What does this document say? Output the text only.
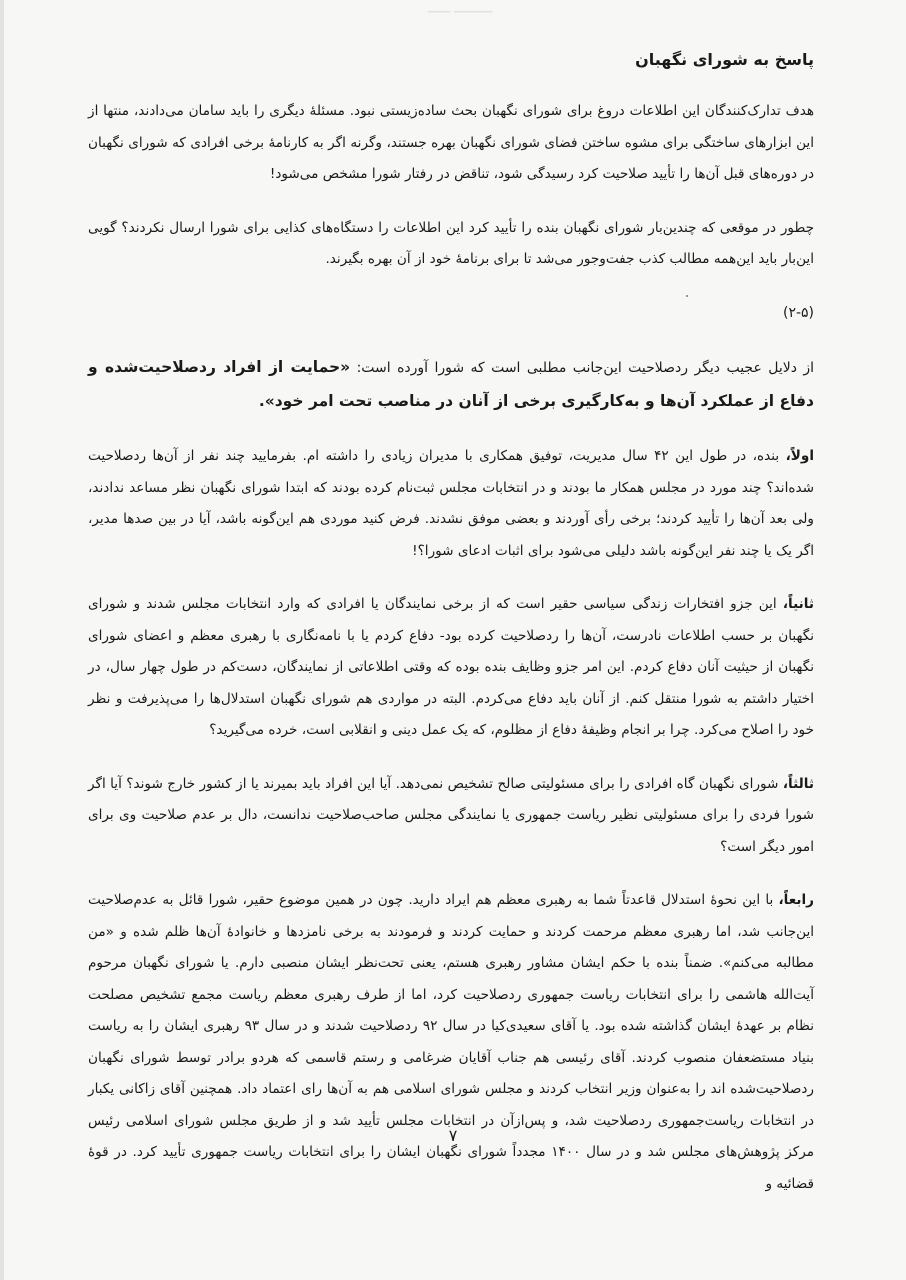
▁▁▁ ▁▁▁▁▁
پاسخ به شورای نگهبان

هدف تدارک‌کنندگان این اطلاعات دروغ برای شورای نگهبان بحث ساده‌زیستی نبود. مسئلهٔ دیگری را باید سامان می‌دادند، منتها از این ابزارهای ساختگی برای مشوه ساختن فضای شورای نگهبان بهره جستند، وگرنه اگر به کارنامهٔ برخی افرادی که شورای نگهبان در دوره‌های قبل آن‌ها را تأیید صلاحیت کرد رسیدگی شود، تناقض در رفتار شورا مشخص می‌شود!

چطور در موقعی که چندین‌بار شورای نگهبان بنده را تأیید کرد این اطلاعات را دستگاه‌های کذایی برای شورا ارسال نکردند؟ گویی این‌بار باید این‌همه مطالب کذب جفت‌وجور می‌شد تا برای برنامهٔ خود از آن بهره بگیرند.

(۲-۵)

از دلایل عجیب دیگر ردصلاحیت این‌جانب مطلبی است که شورا آورده است: «حمایت از افراد ردصلاحیت‌شده و دفاع از عملکرد آن‌ها و به‌کارگیری برخی از آنان در مناصب تحت امر خود».

اولاً، بنده، در طول این ۴۲ سال مدیریت، توفیق همکاری با مدیران زیادی را داشته ام. بفرمایید چند نفر از آن‌ها ردصلاحیت شده‌اند؟ چند مورد در مجلس همکار ما بودند و در انتخابات مجلس ثبت‌نام کرده بودند که ابتدا شورای نگهبان نظر مساعد ندادند، ولی بعد آن‌ها را تأیید کردند؛ برخی رأی آوردند و بعضی موفق نشدند. فرض کنید موردی هم این‌گونه باشد، آیا در بین صدها مدیر، اگر یک یا چند نفر این‌گونه باشد دلیلی می‌شود برای اثبات ادعای شورا؟!

ثانیاً، این جزو افتخارات زندگی سیاسی حقیر است که از برخی نمایندگان یا افرادی که وارد انتخابات مجلس شدند و شورای نگهبان بر حسب اطلاعات نادرست، آن‌ها را ردصلاحیت کرده بود- دفاع کردم یا با نامه‌نگاری با رهبری معظم و اعضای شورای نگهبان از حیثیت آنان دفاع کردم. این امر جزو وظایف بنده بوده که وقتی اطلاعاتی از نمایندگان، دست‌کم در طول چهار سال، در اختیار داشتم به شورا منتقل کنم. از آنان باید دفاع می‌کردم. البته در مواردی هم شورای نگهبان استدلال‌ها را می‌پذیرفت و نظر خود را اصلاح می‌کرد. چرا بر انجام وظیفهٔ دفاع از مظلوم، که یک عمل دینی و انقلابی است، خرده می‌گیرید؟

ثالثاً، شورای نگهبان گاه افرادی را برای مسئولیتی صالح تشخیص نمی‌دهد. آیا این افراد باید بمیرند یا از کشور خارج شوند؟ آیا اگر شورا فردی را برای مسئولیتی نظیر ریاست جمهوری یا نمایندگی مجلس صاحب‌صلاحیت ندانست، دال بر عدم صلاحیت وی برای امور دیگر است؟

رابعاً، با این نحوهٔ استدلال قاعدتاً شما به رهبری معظم هم ایراد دارید. چون در همین موضوع حقیر، شورا قائل به عدم‌صلاحیت این‌جانب شد، اما رهبری معظم مرحمت کردند و حمایت کردند و فرمودند به برخی نامزدها و خانوادهٔ آن‌ها ظلم شده و «من مطالبه می‌کنم». ضمناً بنده با حکم ایشان مشاور رهبری هستم، یعنی تحت‌نظر ایشان منصبی دارم. یا شورای نگهبان مرحوم آیت‌الله هاشمی را برای انتخابات ریاست جمهوری ردصلاحیت کرد، اما از طرف رهبری معظم ریاست مجمع تشخیص مصلحت نظام بر عهدهٔ ایشان گذاشته شده بود. یا آقای سعیدی‌کیا در سال ۹۲ ردصلاحیت شدند و در سال ۹۳ رهبری ایشان را به ریاست بنیاد مستضعفان منصوب کردند. آقای رئیسی هم جناب آقایان ضرغامی و رستم قاسمی که هردو برادر توسط شورای نگهبان ردصلاحیت‌شده اند را به‌عنوان وزیر انتخاب کردند و مجلس شورای اسلامی هم به آن‌ها رای اعتماد داد. همچنین آقای زاکانی یکبار در انتخابات ریاست‌جمهوری ردصلاحیت شد، و پس‌ازآن در انتخابات مجلس تأیید شد و از طریق مجلس شورای اسلامی رئیس مرکز پژوهش‌های مجلس شد و در سال ۱۴۰۰ مجدداً شورای نگهبان ایشان را برای انتخابات ریاست جمهوری تأیید کرد. در قوهٔ قضائیه و

۷
